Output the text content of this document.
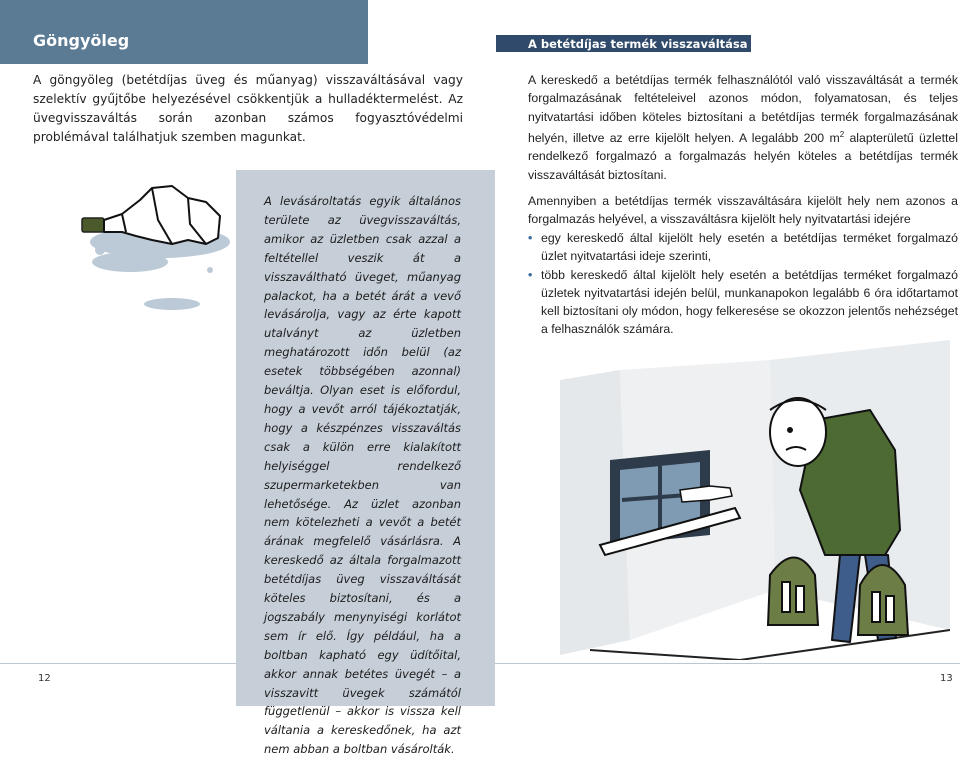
Göngyöleg

A göngyöleg (betétdíjas üveg és műanyag) visszaváltásával vagy szelektív gyűjtőbe helyezésével csökkentjük a hulladéktermelést. Az üvegvisszaváltás során azonban számos fogyasztóvédelmi problémával találhatjuk szemben magunkat.

A levásároltatás egyik általános területe az üvegvisszaváltás, amikor az üzletben csak azzal a feltétellel veszik át a visszaváltható üveget, műanyag palackot, ha a betét árát a vevő levásárolja, vagy az érte kapott utalványt az üzletben meghatározott időn belül (az esetek többségében azonnal) beváltja. Olyan eset is előfordul, hogy a vevőt arról tájékoztatják, hogy a készpénzes visszaváltás csak a külön erre kialakított helyiséggel rendelkező szupermarketekben van lehetősége. Az üzlet azonban nem kötelezheti a vevőt a betét árának megfelelő vásárlásra. A kereskedő az általa forgalmazott betétdíjas üveg visszaváltását köteles biztosítani, és a jogszabály menynyiségi korlátot sem ír elő. Így például, ha a boltban kapható egy üdítőital, akkor annak betétes üvegét – a visszavitt üvegek számától függetlenül – akkor is vissza kell váltania a kereskedőnek, ha azt nem abban a boltban vásárolták.

12

A betétdíjas termék visszaváltása

A kereskedő a betétdíjas termék felhasználótól való visszaváltását a termék forgalmazásának feltételeivel azonos módon, folyamatosan, és teljes nyitvatartási időben köteles biztosítani a betétdíjas termék forgalmazásának helyén, illetve az erre kijelölt helyen. A legalább 200 $m^2$ alapterületű üzlettel rendelkező forgalmazó a forgalmazás helyén köteles a betétdíjas termék visszaváltását biztosítani.

Amennyiben a betétdíjas termék visszaváltására kijelölt hely nem azonos a forgalmazás helyével, a visszaváltásra kijelölt hely nyitvatartási idejére

• egy kereskedő által kijelölt hely esetén a betétdíjas terméket forgalmazó üzlet nyitvatartási ideje szerinti,
• több kereskedő által kijelölt hely esetén a betétdíjas terméket forgalmazó üzletek nyitvatartási idején belül, munkanapokon legalább 6 óra időtartamot kell biztosítani oly módon, hogy felkeresése se okozzon jelentős nehézséget a felhasználók számára.

13
